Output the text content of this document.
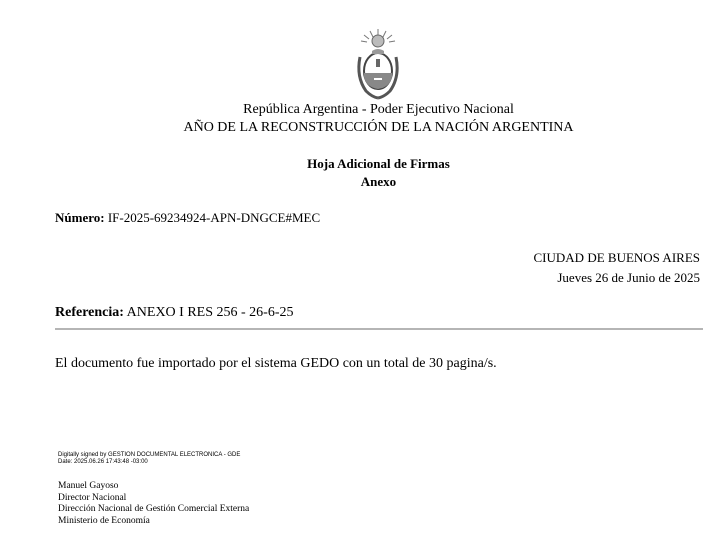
República Argentina - Poder Ejecutivo Nacional
AÑO DE LA RECONSTRUCCIÓN DE LA NACIÓN ARGENTINA
Hoja Adicional de Firmas
Anexo
Número: IF-2025-69234924-APN-DNGCE#MEC
CIUDAD DE BUENOS AIRES
Jueves 26 de Junio de 2025
Referencia: ANEXO I RES 256 - 26-6-25
El documento fue importado por el sistema GEDO con un total de 30 pagina/s.
Digitally signed by GESTION DOCUMENTAL ELECTRONICA - GDE
Date: 2025.06.26 17:43:48 -03:00
Manuel Gayoso
Director Nacional
Dirección Nacional de Gestión Comercial Externa
Ministerio de Economía
